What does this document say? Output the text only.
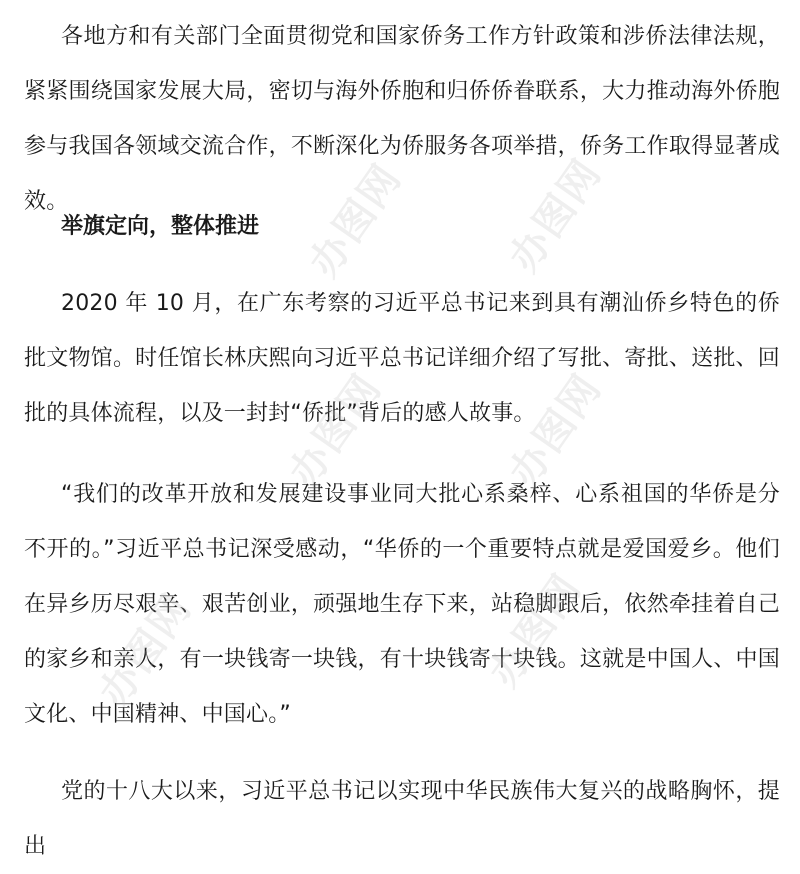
各地方和有关部门全面贯彻党和国家侨务工作方针政策和涉侨法律法规，紧紧围绕国家发展大局，密切与海外侨胞和归侨侨眷联系，大力推动海外侨胞参与我国各领域交流合作，不断深化为侨服务各项举措，侨务工作取得显著成效。

举旗定向，整体推进

2020 年 10 月，在广东考察的习近平总书记来到具有潮汕侨乡特色的侨批文物馆。时任馆长林庆熙向习近平总书记详细介绍了写批、寄批、送批、回批的具体流程，以及一封封“侨批”背后的感人故事。

“我们的改革开放和发展建设事业同大批心系桑梓、心系祖国的华侨是分不开的。”习近平总书记深受感动，“华侨的一个重要特点就是爱国爱乡。他们在异乡历尽艰辛、艰苦创业，顽强地生存下来，站稳脚跟后，依然牵挂着自己的家乡和亲人，有一块钱寄一块钱，有十块钱寄十块钱。这就是中国人、中国文化、中国精神、中国心。”

党的十八大以来，习近平总书记以实现中华民族伟大复兴的战略胸怀，提出

办图网 办图网
办图网	办图网
办图网	办图网
